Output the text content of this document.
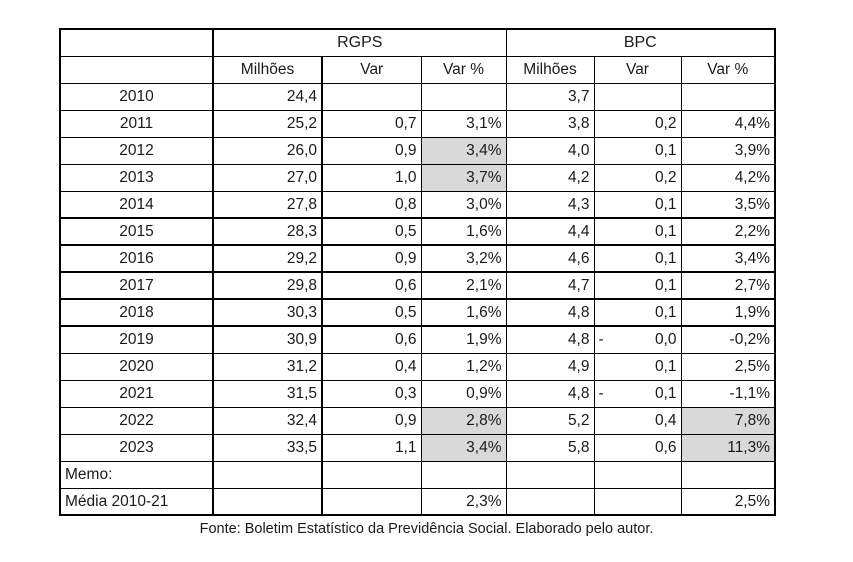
	RGPS			BPC		
	Milhões	Var	Var %	Milhões	Var	Var %
2010	24,4			3,7		
2011	25,2	0,7	3,1%	3,8	0,2	4,4%
2012	26,0	0,9	3,4%	4,0	0,1	3,9%
2013	27,0	1,0	3,7%	4,2	0,2	4,2%
2014	27,8	0,8	3,0%	4,3	0,1	3,5%
2015	28,3	0,5	1,6%	4,4	0,1	2,2%
2016	29,2	0,9	3,2%	4,6	0,1	3,4%
2017	29,8	0,6	2,1%	4,7	0,1	2,7%
2018	30,3	0,5	1,6%	4,8	0,1	1,9%
2019	30,9	0,6	1,9%	4,8	- 0,0	-0,2%
2020	31,2	0,4	1,2%	4,9	0,1	2,5%
2021	31,5	0,3	0,9%	4,8	- 0,1	-1,1%
2022	32,4	0,9	2,8%	5,2	0,4	7,8%
2023	33,5	1,1	3,4%	5,8	0,6	11,3%
Memo:						
Média 2010-21			2,3%			2,5%
Fonte: Boletim Estatístico da Previdência Social. Elaborado pelo autor.
